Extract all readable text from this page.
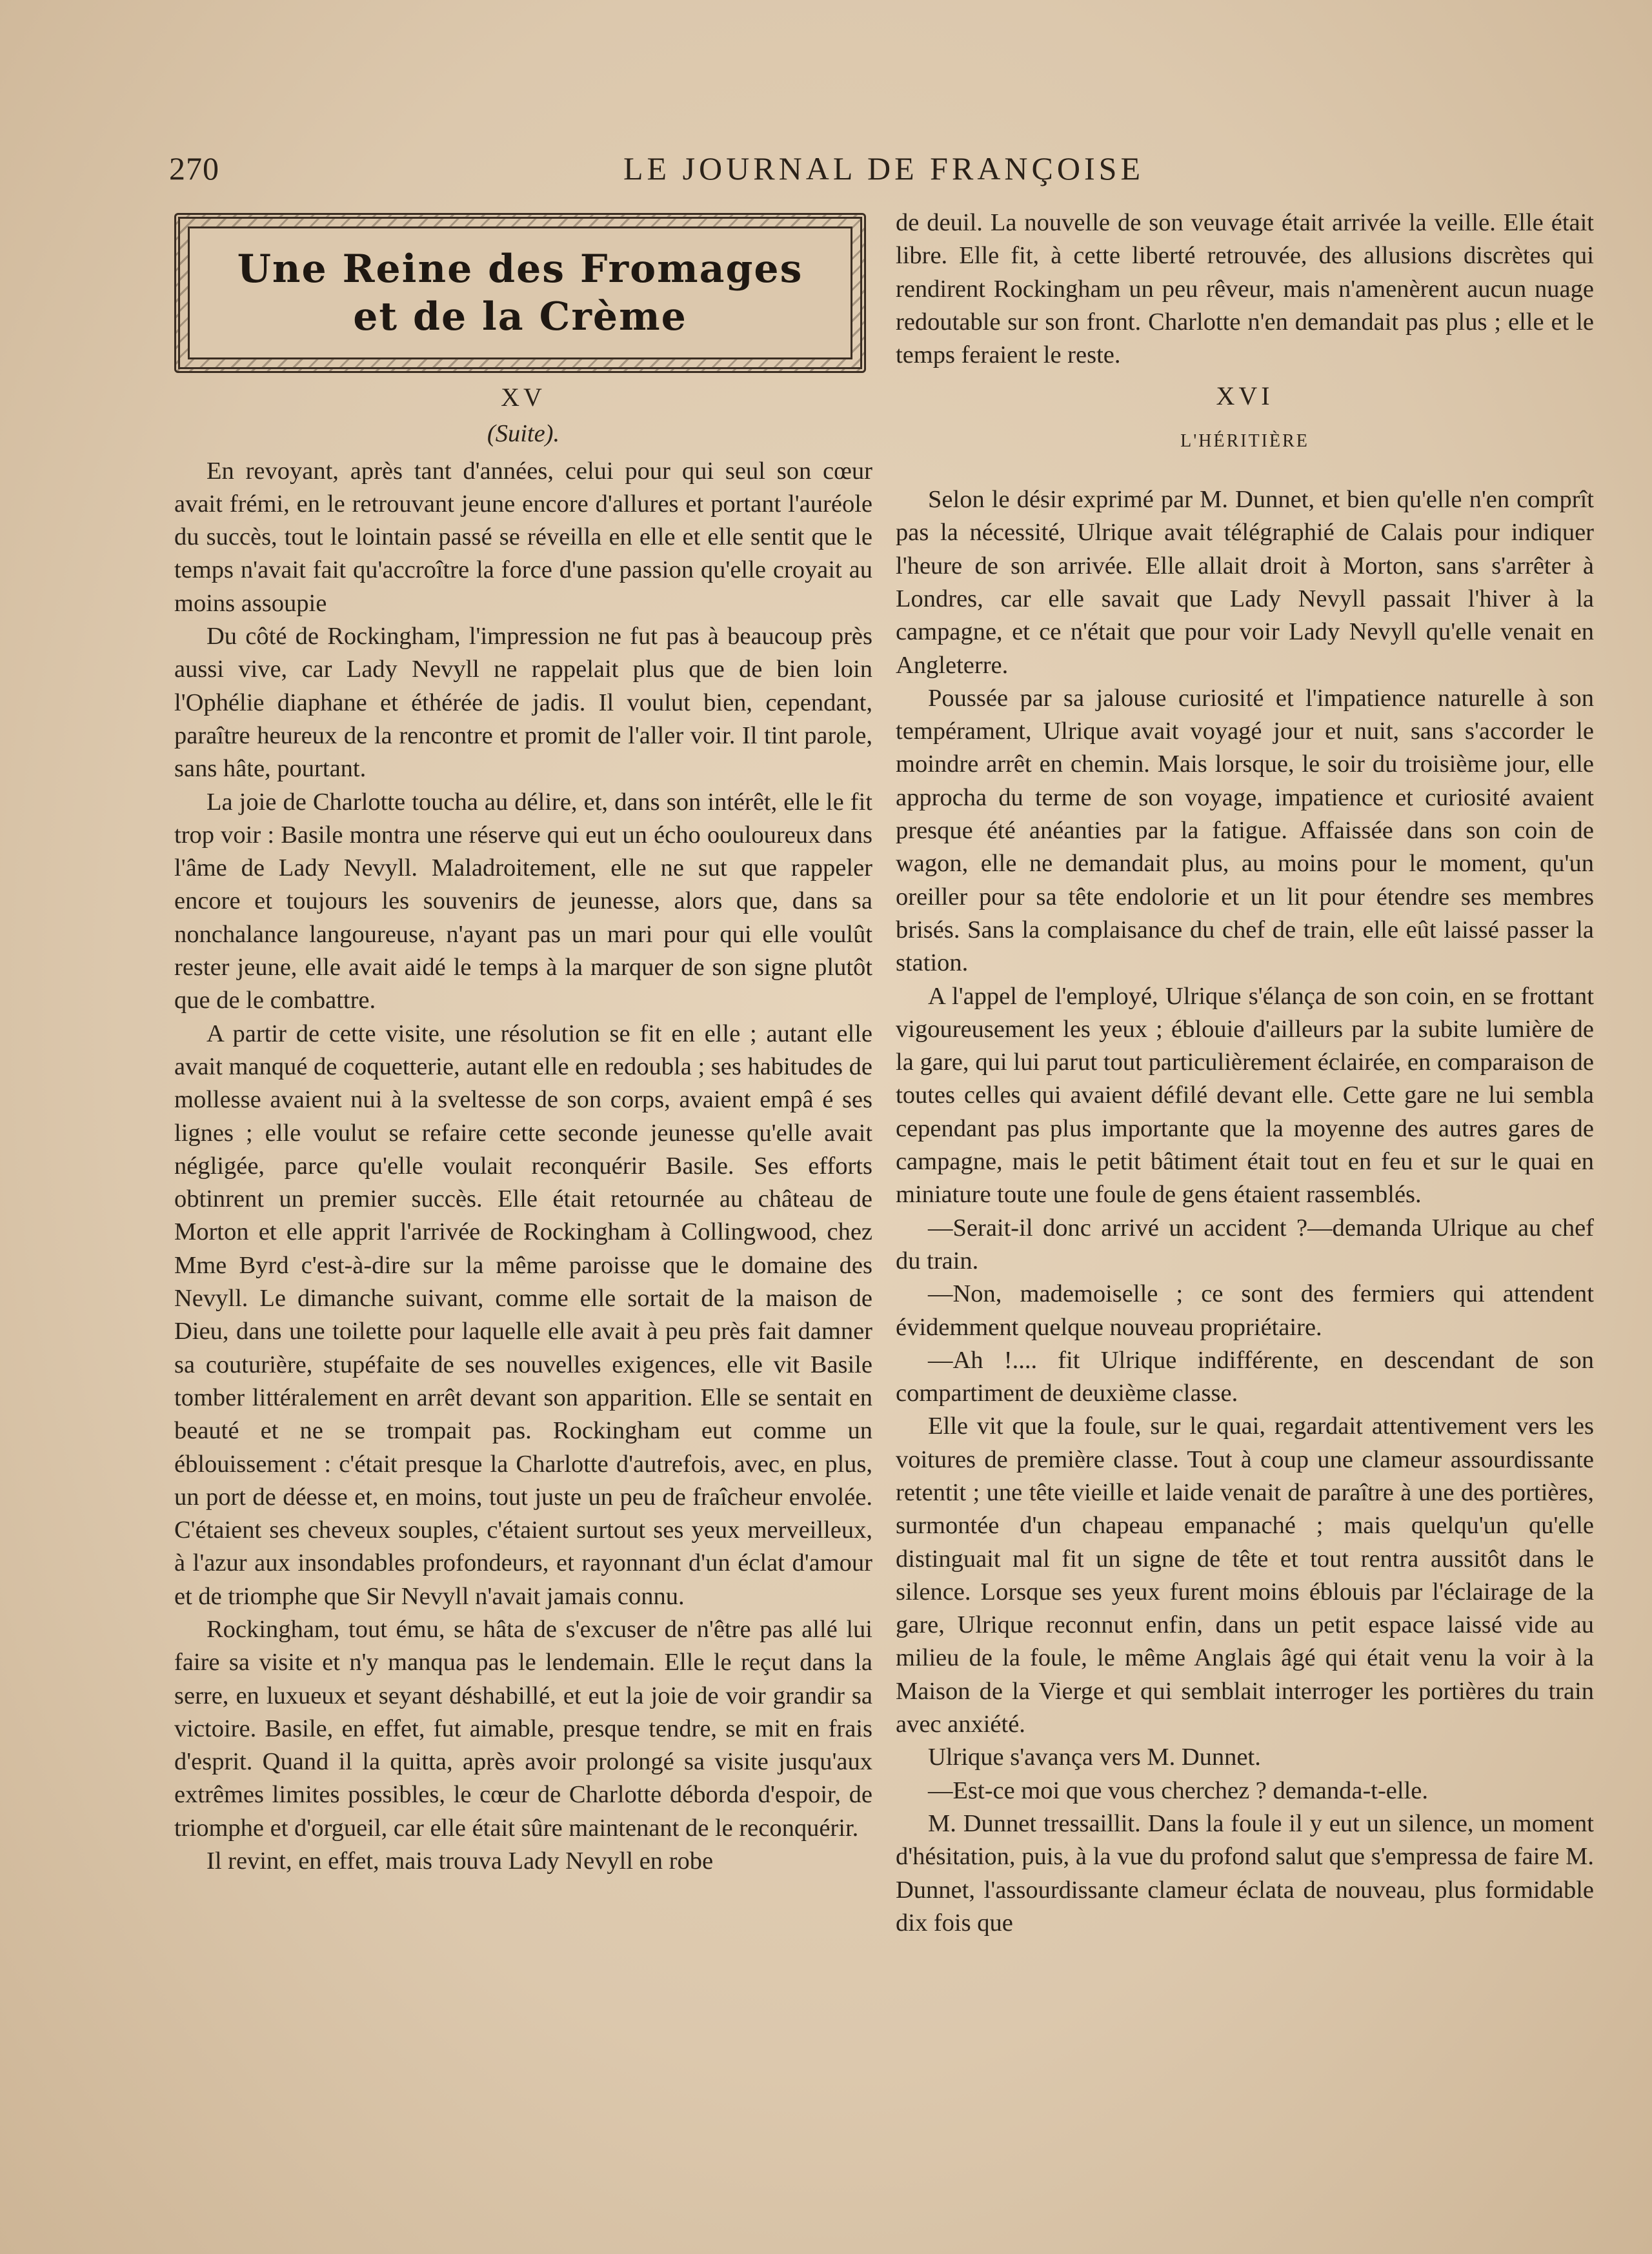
270	LE JOURNAL DE FRANÇOISE
Une Reine des Fromages
et de la Crème

XV

(Suite).

En revoyant, après tant d'années, celui pour qui seul son cœur avait frémi, en le retrouvant jeune encore d'allures et portant l'auréole du succès, tout le lointain passé se réveilla en elle et elle sentit que le temps n'avait fait qu'accroître la force d'une passion qu'elle croyait au moins assoupie

Du côté de Rockingham, l'impression ne fut pas à beaucoup près aussi vive, car Lady Nevyll ne rappelait plus que de bien loin l'Ophélie diaphane et éthérée de jadis. Il voulut bien, cependant, paraître heureux de la rencontre et promit de l'aller voir. Il tint parole, sans hâte, pourtant.

La joie de Charlotte toucha au délire, et, dans son intérêt, elle le fit trop voir : Basile montra une réserve qui eut un écho oouloureux dans l'âme de Lady Nevyll. Maladroitement, elle ne sut que rappeler encore et toujours les souvenirs de jeunesse, alors que, dans sa nonchalance langoureuse, n'ayant pas un mari pour qui elle voulût rester jeune, elle avait aidé le temps à la marquer de son signe plutôt que de le combattre.

A partir de cette visite, une résolution se fit en elle ; autant elle avait manqué de coquetterie, autant elle en redoubla ; ses habitudes de mollesse avaient nui à la sveltesse de son corps, avaient empâ é ses lignes ; elle voulut se refaire cette seconde jeunesse qu'elle avait négligée, parce qu'elle voulait reconquérir Basile. Ses efforts obtinrent un premier succès. Elle était retournée au château de Morton et elle apprit l'arrivée de Rockingham à Collingwood, chez Mme Byrd c'est-à-dire sur la même paroisse que le domaine des Nevyll. Le dimanche suivant, comme elle sortait de la maison de Dieu, dans une toilette pour laquelle elle avait à peu près fait damner sa couturière, stupéfaite de ses nouvelles exigences, elle vit Basile tomber littéralement en arrêt devant son apparition. Elle se sentait en beauté et ne se trompait pas. Rockingham eut comme un éblouissement : c'était presque la Charlotte d'autrefois, avec, en plus, un port de déesse et, en moins, tout juste un peu de fraîcheur envolée. C'étaient ses cheveux souples, c'étaient surtout ses yeux merveilleux, à l'azur aux insondables profondeurs, et rayonnant d'un éclat d'amour et de triomphe que Sir Nevyll n'avait jamais connu.

Rockingham, tout ému, se hâta de s'excuser de n'être pas allé lui faire sa visite et n'y manqua pas le lendemain. Elle le reçut dans la serre, en luxueux et seyant déshabillé, et eut la joie de voir grandir sa victoire. Basile, en effet, fut aimable, presque tendre, se mit en frais d'esprit. Quand il la quitta, après avoir prolongé sa visite jusqu'aux extrêmes limites possibles, le cœur de Charlotte déborda d'espoir, de triomphe et d'orgueil, car elle était sûre maintenant de le reconquérir.

Il revint, en effet, mais trouva Lady Nevyll en robe

de deuil. La nouvelle de son veuvage était arrivée la veille. Elle était libre. Elle fit, à cette liberté retrouvée, des allusions discrètes qui rendirent Rockingham un peu rêveur, mais n'amenèrent aucun nuage redoutable sur son front. Charlotte n'en demandait pas plus ; elle et le temps feraient le reste.

XVI

L'HÉRITIÈRE

Selon le désir exprimé par M. Dunnet, et bien qu'elle n'en comprît pas la nécessité, Ulrique avait télégraphié de Calais pour indiquer l'heure de son arrivée. Elle allait droit à Morton, sans s'arrêter à Londres, car elle savait que Lady Nevyll passait l'hiver à la campagne, et ce n'était que pour voir Lady Nevyll qu'elle venait en Angleterre.

Poussée par sa jalouse curiosité et l'impatience naturelle à son tempérament, Ulrique avait voyagé jour et nuit, sans s'accorder le moindre arrêt en chemin. Mais lorsque, le soir du troisième jour, elle approcha du terme de son voyage, impatience et curiosité avaient presque été anéanties par la fatigue. Affaissée dans son coin de wagon, elle ne demandait plus, au moins pour le moment, qu'un oreiller pour sa tête endolorie et un lit pour étendre ses membres brisés. Sans la complaisance du chef de train, elle eût laissé passer la station.

A l'appel de l'employé, Ulrique s'élança de son coin, en se frottant vigoureusement les yeux ; éblouie d'ailleurs par la subite lumière de la gare, qui lui parut tout particulièrement éclairée, en comparaison de toutes celles qui avaient défilé devant elle. Cette gare ne lui sembla cependant pas plus importante que la moyenne des autres gares de campagne, mais le petit bâtiment était tout en feu et sur le quai en miniature toute une foule de gens étaient rassemblés.

—Serait-il donc arrivé un accident ?—demanda Ulrique au chef du train.

—Non, mademoiselle ; ce sont des fermiers qui attendent évidemment quelque nouveau propriétaire.

—Ah !.... fit Ulrique indifférente, en descendant de son compartiment de deuxième classe.

Elle vit que la foule, sur le quai, regardait attentivement vers les voitures de première classe. Tout à coup une clameur assourdissante retentit ; une tête vieille et laide venait de paraître à une des portières, surmontée d'un chapeau empanaché ; mais quelqu'un qu'elle distinguait mal fit un signe de tête et tout rentra aussitôt dans le silence. Lorsque ses yeux furent moins éblouis par l'éclairage de la gare, Ulrique reconnut enfin, dans un petit espace laissé vide au milieu de la foule, le même Anglais âgé qui était venu la voir à la Maison de la Vierge et qui semblait interroger les portières du train avec anxiété.

Ulrique s'avança vers M. Dunnet.

—Est-ce moi que vous cherchez ? demanda-t-elle.

M. Dunnet tressaillit. Dans la foule il y eut un silence, un moment d'hésitation, puis, à la vue du profond salut que s'empressa de faire M. Dunnet, l'assourdissante clameur éclata de nouveau, plus formidable dix fois que
